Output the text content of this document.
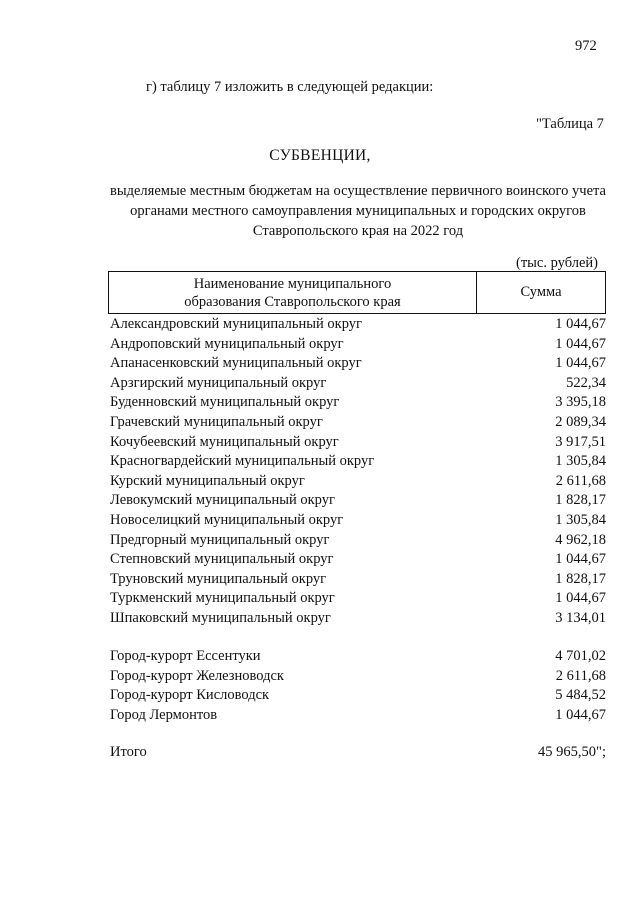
972
г) таблицу 7 изложить в следующей редакции:
"Таблица 7
СУБВЕНЦИИ,
выделяемые местным бюджетам на осуществление первичного воинского учета органами местного самоуправления муниципальных и городских округов Ставропольского края на 2022 год
(тыс. рублей)
Наименование муниципального
образования Ставропольского края
Сумма
Александровский муниципальный округ	1 044,67
Андроповский муниципальный округ	1 044,67
Апанасенковский муниципальный округ	1 044,67
Арзгирский муниципальный округ	522,34
Буденновский муниципальный округ	3 395,18
Грачевский муниципальный округ	2 089,34
Кочубеевский муниципальный округ	3 917,51
Красногвардейский муниципальный округ	1 305,84
Курский муниципальный округ	2 611,68
Левокумский муниципальный округ	1 828,17
Новоселицкий муниципальный округ	1 305,84
Предгорный муниципальный округ	4 962,18
Степновский муниципальный округ	1 044,67
Труновский муниципальный округ	1 828,17
Туркменский муниципальный округ	1 044,67
Шпаковский муниципальный округ	3 134,01
Город-курорт Ессентуки	4 701,02
Город-курорт Железноводск	2 611,68
Город-курорт Кисловодск	5 484,52
Город Лермонтов	1 044,67
Итого	45 965,50";
